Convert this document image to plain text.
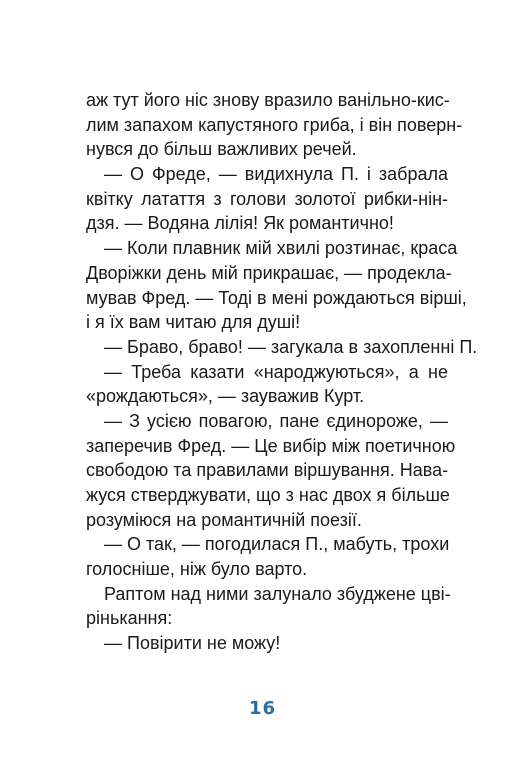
аж тут його ніс знову вразило ванільно-кис-
лим запахом капустяного гриба, і він поверн-
нувся до більш важливих речей.
— О Фреде, — видихнула П. і забрала
квітку латаття з голови золотої рибки-нін-
дзя. — Водяна лілія! Як романтично!
— Коли плавник мій хвилі розтинає, краса
Дворіжки день мій прикрашає, — продекла-
мував Фред. — Тоді в мені рождаються вірші,
і я їх вам читаю для душі!
— Браво, браво! — загукала в захопленні П.
— Треба казати «народжуються», а не
«рождаються», — зауважив Курт.
— З усією повагою, пане єдинороже, —
заперечив Фред. — Це вибір між поетичною
свободою та правилами віршування. Нава-
жуся стверджувати, що з нас двох я більше
розуміюся на романтичній поезії.
— О так, — погодилася П., мабуть, трохи
голосніше, ніж було варто.
Раптом над ними залунало збуджене цві-
рінькання:
— Повірити не можу!
16
